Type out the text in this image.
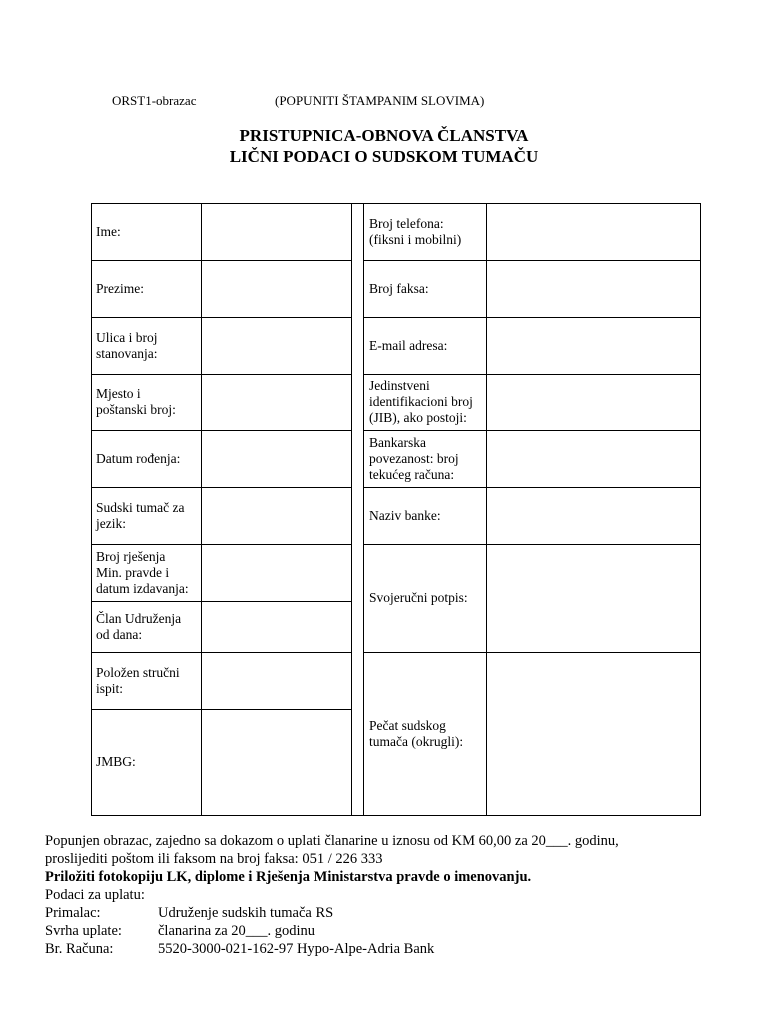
ORST1-obrazac	(POPUNITI ŠTAMPANIM SLOVIMA)
PRISTUPNICA-OBNOVA ČLANSTVA
LIČNI PODACI O SUDSKOM TUMAČU
Ime:
Prezime:
Ulica i broj
stanovanja:
Mjesto i
poštanski broj:
Datum rođenja:
Sudski tumač za
jezik:
Broj rješenja
Min. pravde i
datum izdavanja:
Član Udruženja
od dana:
Položen stručni
ispit:
JMBG:
Broj telefona:
(fiksni i mobilni)
Broj faksa:
E-mail adresa:
Jedinstveni
identifikacioni broj
(JIB), ako postoji:
Bankarska
povezanost: broj
tekućeg računa:
Naziv banke:
Svojeručni potpis:
Pečat sudskog
tumača (okrugli):
Popunjen obrazac, zajedno sa dokazom o uplati članarine u iznosu od KM 60,00 za 20___. godinu,
proslijediti poštom ili faksom na broj faksa: 051 / 226 333
Priložiti fotokopiju LK, diplome i Rješenja Ministarstva pravde o imenovanju.
Podaci za uplatu:
Primalac:	Udruženje sudskih tumača RS
Svrha uplate:	članarina za 20___. godinu
Br. Računa:	5520-3000-021-162-97 Hypo-Alpe-Adria Bank
